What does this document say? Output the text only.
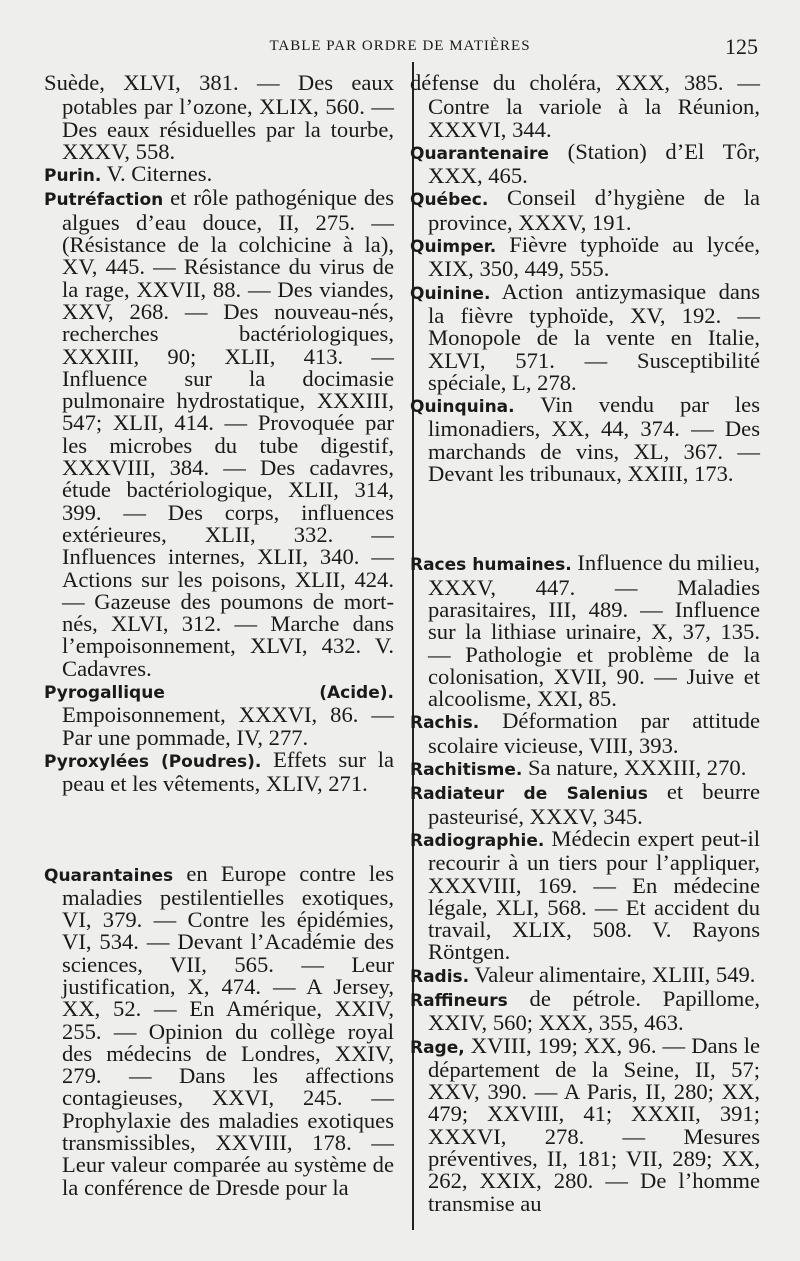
TABLE PAR ORDRE DE MATIÈRES	125

Suède, XLVI, 381. — Des eaux potables par l’ozone, XLIX, 560. — Des eaux résiduelles par la tourbe, XXXV, 558.

Purin. V. Citernes.

Putréfaction et rôle pathogénique des algues d’eau douce, II, 275. — (Résistance de la colchicine à la), XV, 445. — Résistance du virus de la rage, XXVII, 88. — Des viandes, XXV, 268. — Des nouveau-nés, recherches bactériologiques, XXXIII, 90; XLII, 413. — Influence sur la docimasie pulmonaire hydrostatique, XXXIII, 547; XLII, 414. — Provoquée par les microbes du tube digestif, XXXVIII, 384. — Des cadavres, étude bactériologique, XLII, 314, 399. — Des corps, influences extérieures, XLII, 332. — Influences internes, XLII, 340. — Actions sur les poisons, XLII, 424. — Gazeuse des poumons de mort-nés, XLVI, 312. — Marche dans l’empoisonnement, XLVI, 432. V. Cadavres.

Pyrogallique (Acide). Empoisonnement, XXXVI, 86. — Par une pommade, IV, 277.

Pyroxylées (Poudres). Effets sur la peau et les vêtements, XLIV, 271.

Quarantaines en Europe contre les maladies pestilentielles exotiques, VI, 379. — Contre les épidémies, VI, 534. — Devant l’Académie des sciences, VII, 565. — Leur justification, X, 474. — A Jersey, XX, 52. — En Amérique, XXIV, 255. — Opinion du collège royal des médecins de Londres, XXIV, 279. — Dans les affections contagieuses, XXVI, 245. — Prophylaxie des maladies exotiques transmissibles, XXVIII, 178. — Leur valeur comparée au système de la conférence de Dresde pour la

défense du choléra, XXX, 385. — Contre la variole à la Réunion, XXXVI, 344.

Quarantenaire (Station) d’El Tôr, XXX, 465.

Québec. Conseil d’hygiène de la province, XXXV, 191.

Quimper. Fièvre typhoïde au lycée, XIX, 350, 449, 555.

Quinine. Action antizymasique dans la fièvre typhoïde, XV, 192. — Monopole de la vente en Italie, XLVI, 571. — Susceptibilité spéciale, L, 278.

Quinquina. Vin vendu par les limonadiers, XX, 44, 374. — Des marchands de vins, XL, 367. — Devant les tribunaux, XXIII, 173.

Races humaines. Influence du milieu, XXXV, 447. — Maladies parasitaires, III, 489. — Influence sur la lithiase urinaire, X, 37, 135. — Pathologie et problème de la colonisation, XVII, 90. — Juive et alcoolisme, XXI, 85.

Rachis. Déformation par attitude scolaire vicieuse, VIII, 393.

Rachitisme. Sa nature, XXXIII, 270.

Radiateur de Salenius et beurre pasteurisé, XXXV, 345.

Radiographie. Médecin expert peut-il recourir à un tiers pour l’appliquer, XXXVIII, 169. — En médecine légale, XLI, 568. — Et accident du travail, XLIX, 508. V. Rayons Röntgen.

Radis. Valeur alimentaire, XLIII, 549.

Raffineurs de pétrole. Papillome, XXIV, 560; XXX, 355, 463.

Rage, XVIII, 199; XX, 96. — Dans le département de la Seine, II, 57; XXV, 390. — A Paris, II, 280; XX, 479; XXVIII, 41; XXXII, 391; XXXVI, 278. — Mesures préventives, II, 181; VII, 289; XX, 262, XXIX, 280. — De l’homme transmise au
